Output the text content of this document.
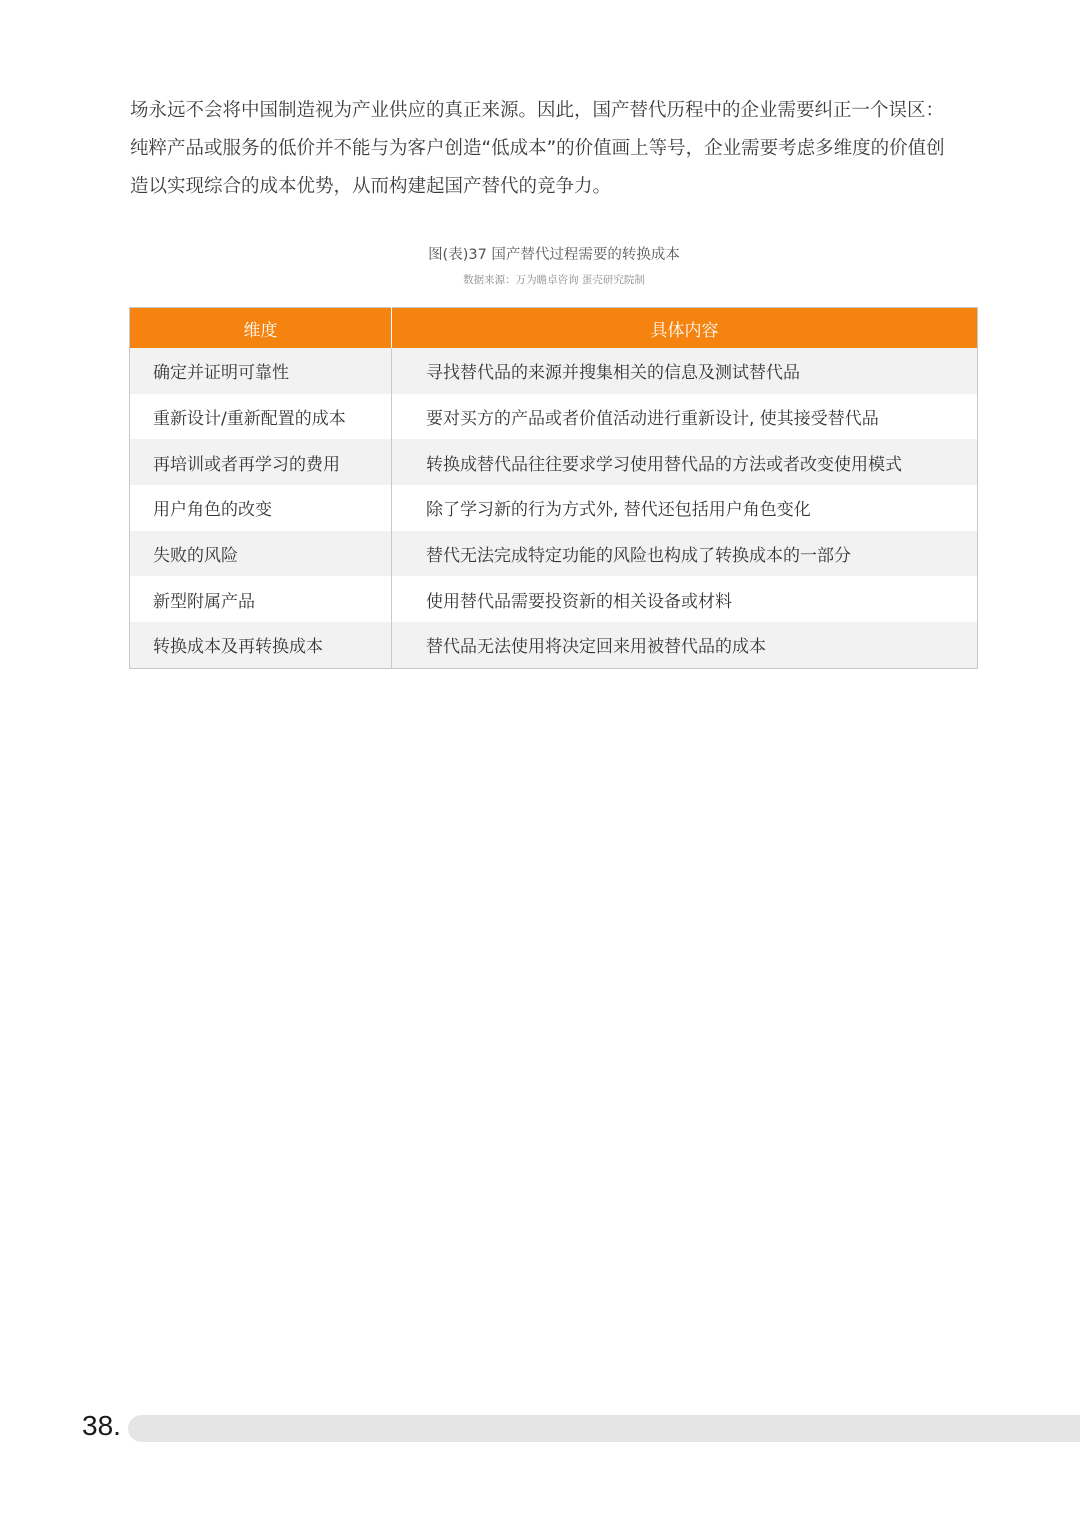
场永远不会将中国制造视为产业供应的真正来源。因此，国产替代历程中的企业需要纠正一个误区：

纯粹产品或服务的低价并不能与为客户创造“低成本”的价值画上等号，企业需要考虑多维度的价值创

造以实现综合的成本优势，从而构建起国产替代的竞争力。

图(表)37 国产替代过程需要的转换成本
数据来源：万为瞻卓咨询 蛋壳研究院制
维度	具体内容
确定并证明可靠性	寻找替代品的来源并搜集相关的信息及测试替代品
重新设计/重新配置的成本	要对买方的产品或者价值活动进行重新设计, 使其接受替代品
再培训或者再学习的费用	转换成替代品往往要求学习使用替代品的方法或者改变使用模式
用户角色的改变	除了学习新的行为方式外, 替代还包括用户角色变化
失败的风险	替代无法完成特定功能的风险也构成了转换成本的一部分
新型附属产品	使用替代品需要投资新的相关设备或材料
转换成本及再转换成本	替代品无法使用将决定回来用被替代品的成本
38.
